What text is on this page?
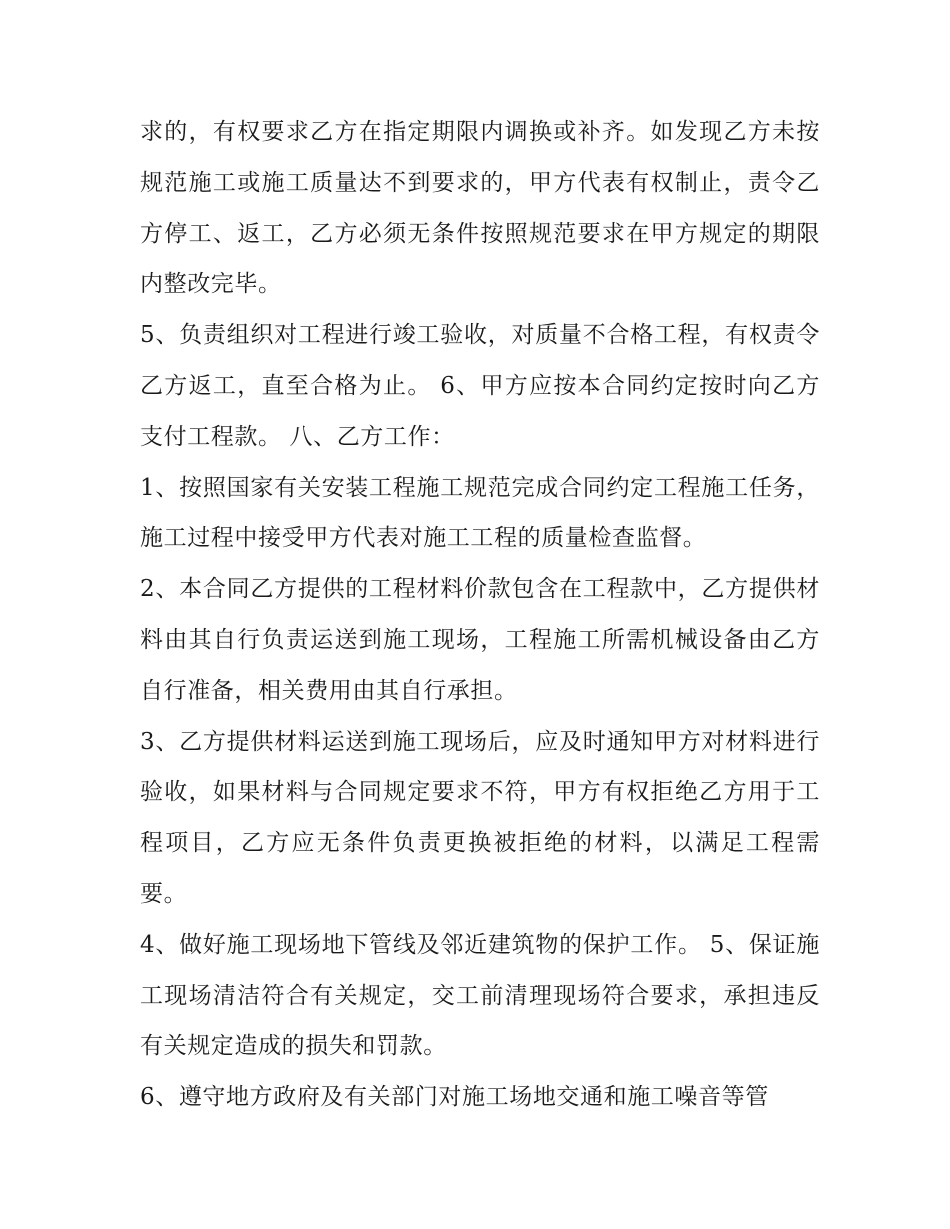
求的，有权要求乙方在指定期限内调换或补齐。如发现乙方未按规范施工或施工质量达不到要求的，甲方代表有权制止，责令乙方停工、返工，乙方必须无条件按照规范要求在甲方规定的期限内整改完毕。

5、负责组织对工程进行竣工验收，对质量不合格工程，有权责令乙方返工，直至合格为止。 6、甲方应按本合同约定按时向乙方支付工程款。 八、乙方工作：

1、按照国家有关安装工程施工规范完成合同约定工程施工任务，施工过程中接受甲方代表对施工工程的质量检查监督。

2、本合同乙方提供的工程材料价款包含在工程款中，乙方提供材料由其自行负责运送到施工现场，工程施工所需机械设备由乙方自行准备，相关费用由其自行承担。

3、乙方提供材料运送到施工现场后，应及时通知甲方对材料进行验收，如果材料与合同规定要求不符，甲方有权拒绝乙方用于工程项目，乙方应无条件负责更换被拒绝的材料，以满足工程需要。

4、做好施工现场地下管线及邻近建筑物的保护工作。 5、保证施工现场清洁符合有关规定，交工前清理现场符合要求，承担违反有关规定造成的损失和罚款。

6、遵守地方政府及有关部门对施工场地交通和施工噪音等管
